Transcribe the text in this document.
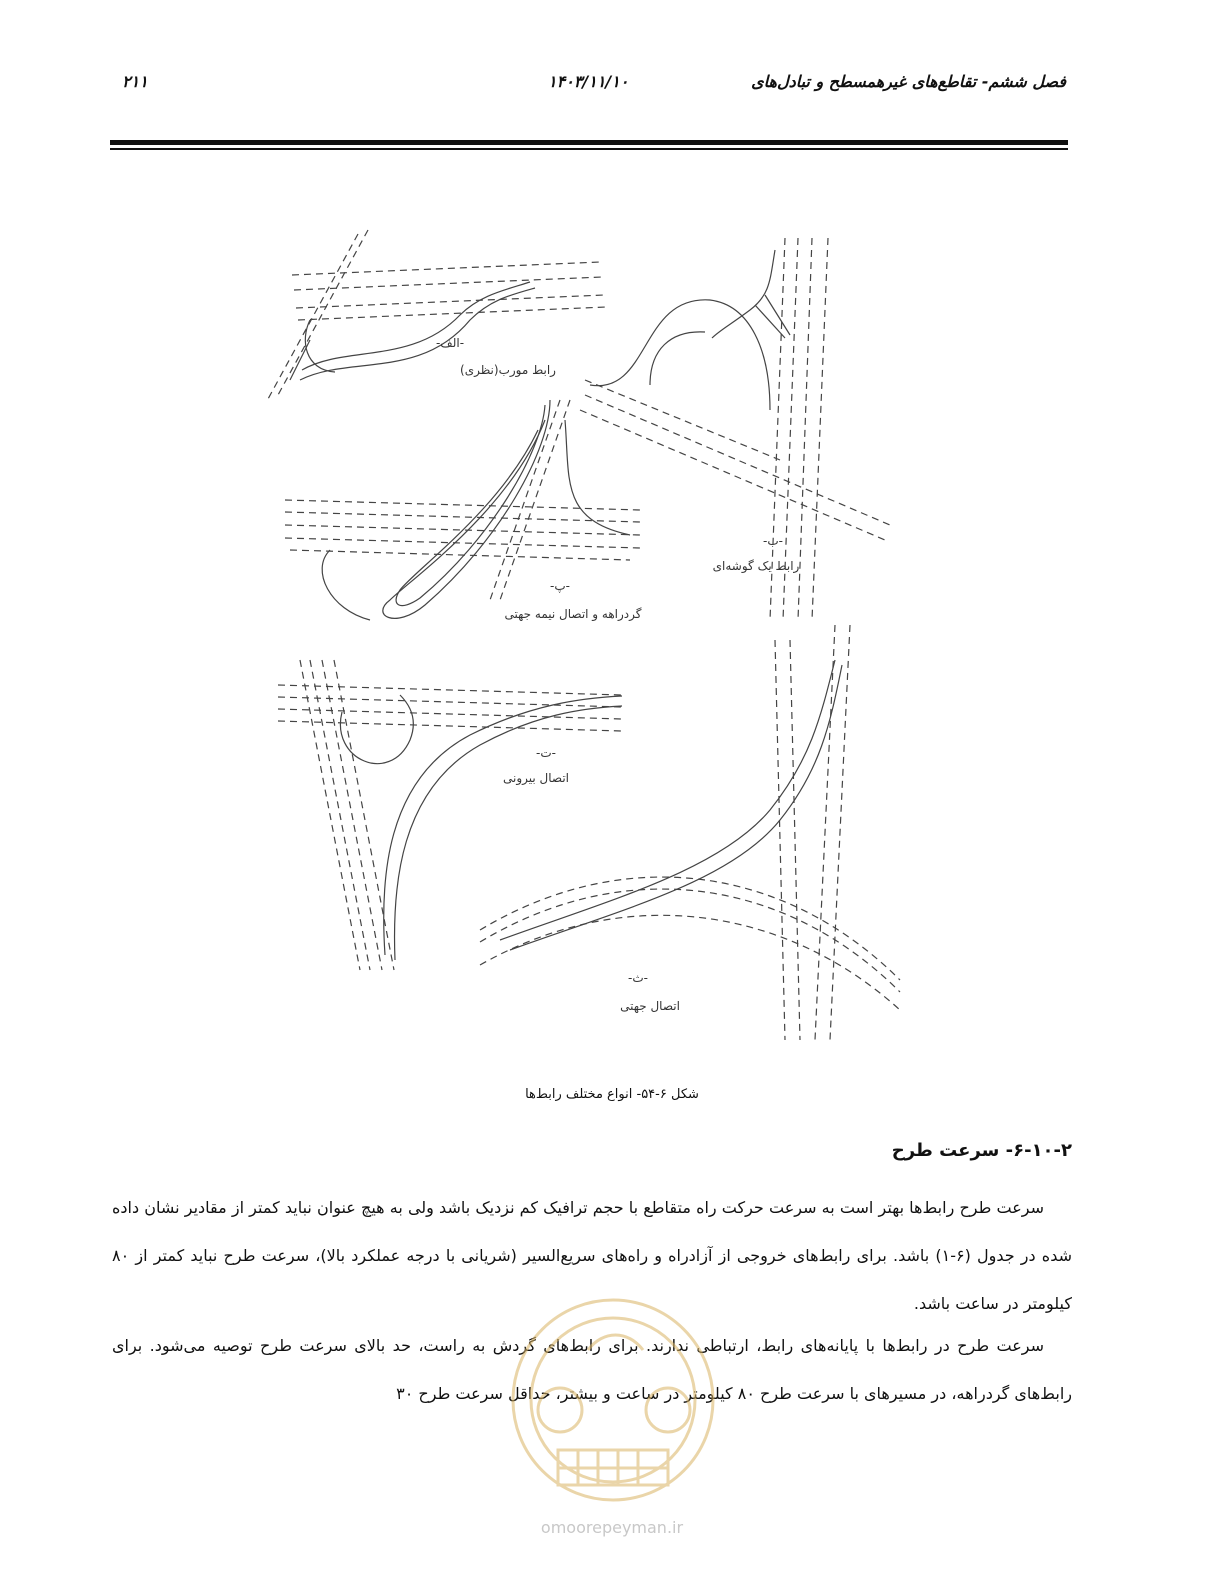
فصل ششم- تقاطع‌های غیرهمسطح و تبادل‌های
۱۴۰۳/۱۱/۱۰
۲۱۱
-الف-
رابط مورب(نظری)
-ب-
رابط یک گوشه‌ای
-پ-
گردراهه و اتصال نیمه جهتی
-ت-
اتصال بیرونی
-ث-
اتصال جهتی
شکل ۶-۵۴- انواع مختلف رابط‌ها
۶-۱۰-۲- سرعت طرح
سرعت طرح رابط‌ها بهتر است به سرعت حرکت راه متقاطع با حجم ترافیک کم نزدیک باشد ولی به هیچ عنوان نباید کمتر از مقادیر نشان داده شده در جدول (۶-۱) باشد. برای رابط‌های خروجی از آزادراه و راه‌های سریع‌السیر (شریانی با درجه عملکرد بالا)، سرعت طرح نباید کمتر از ۸۰ کیلومتر در ساعت باشد.
سرعت طرح در رابط‌ها با پایانه‌های رابط، ارتباطی ندارند. برای رابط‌های گردش به راست، حد بالای سرعت طرح توصیه می‌شود. برای رابط‌های گردراهه، در مسیرهای با سرعت طرح ۸۰ کیلومتر در ساعت و بیشتر، حداقل سرعت طرح ۳۰
omoorepeyman.ir
